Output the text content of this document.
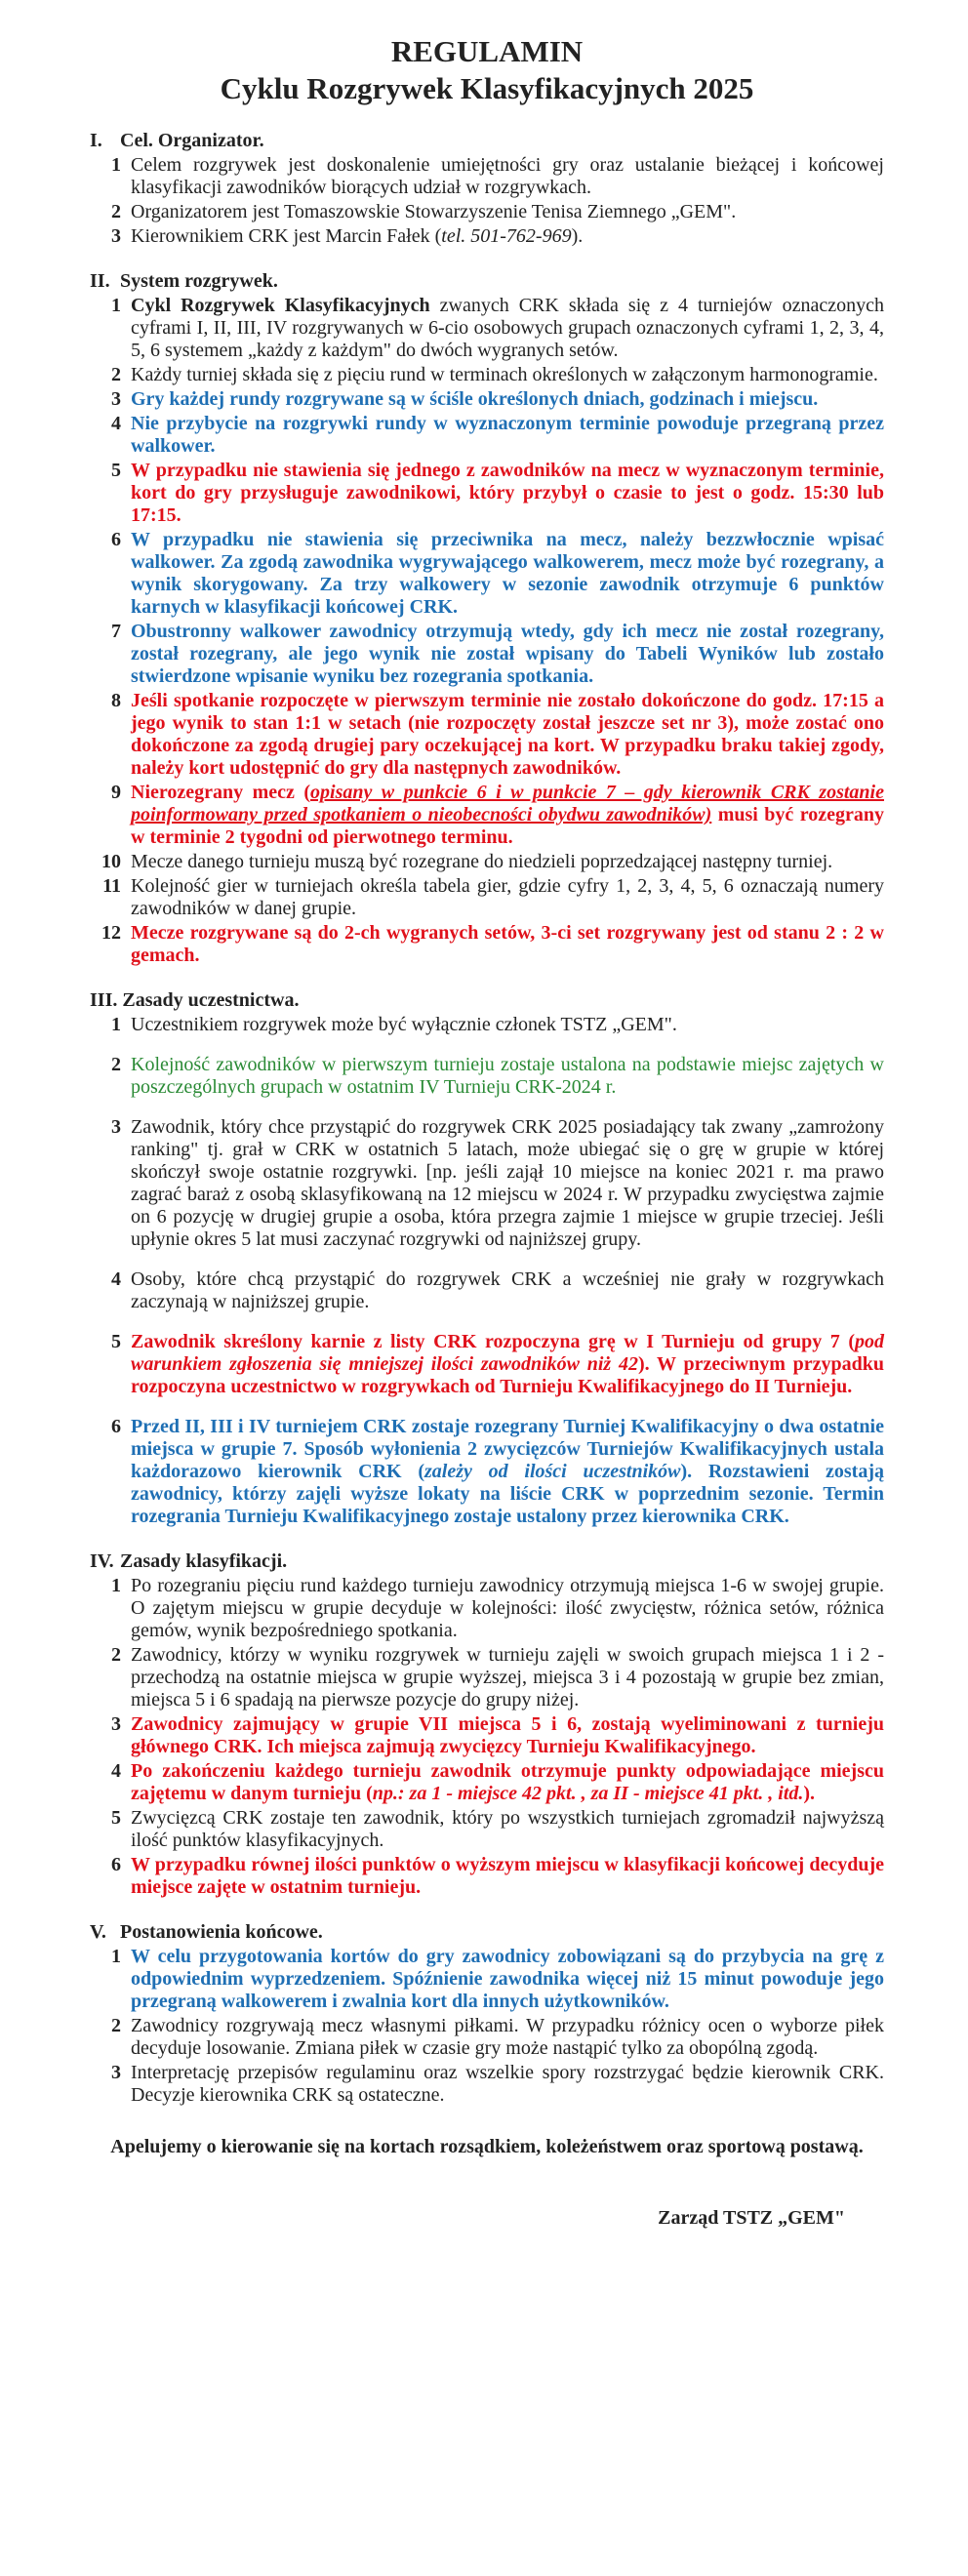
REGULAMIN
Cyklu Rozgrywek Klasyfikacyjnych 2025
I. Cel. Organizator.
1 Celem rozgrywek jest doskonalenie umiejętności gry oraz ustalanie bieżącej i końcowej klasyfikacji zawodników biorących udział w rozgrywkach.
2 Organizatorem jest Tomaszowskie Stowarzyszenie Tenisa Ziemnego „GEM".
3 Kierownikiem CRK jest Marcin Fałek (tel. 501-762-969).
II. System rozgrywek.
1 Cykl Rozgrywek Klasyfikacyjnych zwanych CRK składa się z 4 turniejów oznaczonych cyframi I, II, III, IV rozgrywanych w 6-cio osobowych grupach oznaczonych cyframi 1, 2, 3, 4, 5, 6 systemem „każdy z każdym" do dwóch wygranych setów.
2 Każdy turniej składa się z pięciu rund w terminach określonych w załączonym harmonogramie.
3 Gry każdej rundy rozgrywane są w ściśle określonych dniach, godzinach i miejscu.
4 Nie przybycie na rozgrywki rundy w wyznaczonym terminie powoduje przegraną przez walkower.
5 W przypadku nie stawienia się jednego z zawodników na mecz w wyznaczonym terminie, kort do gry przysługuje zawodnikowi, który przybył o czasie to jest o godz. 15:30 lub 17:15.
6 W przypadku nie stawienia się przeciwnika na mecz, należy bezzwłocznie wpisać walkower. Za zgodą zawodnika wygrywającego walkowerem, mecz może być rozegrany, a wynik skorygowany. Za trzy walkowery w sezonie zawodnik otrzymuje 6 punktów karnych w klasyfikacji końcowej CRK.
7 Obustronny walkower zawodnicy otrzymują wtedy, gdy ich mecz nie został rozegrany, został rozegrany, ale jego wynik nie został wpisany do Tabeli Wyników lub zostało stwierdzone wpisanie wyniku bez rozegrania spotkania.
8 Jeśli spotkanie rozpoczęte w pierwszym terminie nie zostało dokończone do godz. 17:15 a jego wynik to stan 1:1 w setach (nie rozpoczęty został jeszcze set nr 3), może zostać ono dokończone za zgodą drugiej pary oczekującej na kort. W przypadku braku takiej zgody, należy kort udostępnić do gry dla następnych zawodników.
9 Nierozegrany mecz (opisany w punkcie 6 i w punkcie 7 – gdy kierownik CRK zostanie poinformowany przed spotkaniem o nieobecności obydwu zawodników) musi być rozegrany w terminie 2 tygodni od pierwotnego terminu.
10 Mecze danego turnieju muszą być rozegrane do niedzieli poprzedzającej następny turniej.
11 Kolejność gier w turniejach określa tabela gier, gdzie cyfry 1, 2, 3, 4, 5, 6 oznaczają numery zawodników w danej grupie.
12 Mecze rozgrywane są do 2-ch wygranych setów, 3-ci set rozgrywany jest od stanu 2 : 2 w gemach.
III. Zasady uczestnictwa.
1 Uczestnikiem rozgrywek może być wyłącznie członek TSTZ „GEM".
2 Kolejność zawodników w pierwszym turnieju zostaje ustalona na podstawie miejsc zajętych w poszczególnych grupach w ostatnim IV Turnieju CRK-2024 r.
3 Zawodnik, który chce przystąpić do rozgrywek CRK 2025 posiadający tak zwany „zamrożony ranking" tj. grał w CRK w ostatnich 5 latach, może ubiegać się o grę w grupie w której skończył swoje ostatnie rozgrywki. [np. jeśli zajął 10 miejsce na koniec 2021 r. ma prawo zagrać baraż z osobą sklasyfikowaną na 12 miejscu w 2024 r. W przypadku zwycięstwa zajmie on 6 pozycję w drugiej grupie a osoba, która przegra zajmie 1 miejsce w grupie trzeciej. Jeśli upłynie okres 5 lat musi zaczynać rozgrywki od najniższej grupy.
4 Osoby, które chcą przystąpić do rozgrywek CRK a wcześniej nie grały w rozgrywkach zaczynają w najniższej grupie.
5 Zawodnik skreślony karnie z listy CRK rozpoczyna grę w I Turnieju od grupy 7 (pod warunkiem zgłoszenia się mniejszej ilości zawodników niż 42). W przeciwnym przypadku rozpoczyna uczestnictwo w rozgrywkach od Turnieju Kwalifikacyjnego do II Turnieju.
6 Przed II, III i IV turniejem CRK zostaje rozegrany Turniej Kwalifikacyjny o dwa ostatnie miejsca w grupie 7. Sposób wyłonienia 2 zwycięzców Turniejów Kwalifikacyjnych ustala każdorazowo kierownik CRK (zależy od ilości uczestników). Rozstawieni zostają zawodnicy, którzy zajęli wyższe lokaty na liście CRK w poprzednim sezonie. Termin rozegrania Turnieju Kwalifikacyjnego zostaje ustalony przez kierownika CRK.
IV. Zasady klasyfikacji.
1 Po rozegraniu pięciu rund każdego turnieju zawodnicy otrzymują miejsca 1-6 w swojej grupie. O zajętym miejscu w grupie decyduje w kolejności: ilość zwycięstw, różnica setów, różnica gemów, wynik bezpośredniego spotkania.
2 Zawodnicy, którzy w wyniku rozgrywek w turnieju zajęli w swoich grupach miejsca 1 i 2 - przechodzą na ostatnie miejsca w grupie wyższej, miejsca 3 i 4 pozostają w grupie bez zmian, miejsca 5 i 6 spadają na pierwsze pozycje do grupy niżej.
3 Zawodnicy zajmujący w grupie VII miejsca 5 i 6, zostają wyeliminowani z turnieju głównego CRK. Ich miejsca zajmują zwycięzcy Turnieju Kwalifikacyjnego.
4 Po zakończeniu każdego turnieju zawodnik otrzymuje punkty odpowiadające miejscu zajętemu w danym turnieju (np.: za 1 - miejsce 42 pkt. , za II - miejsce 41 pkt. , itd.).
5 Zwycięzcą CRK zostaje ten zawodnik, który po wszystkich turniejach zgromadził najwyższą ilość punktów klasyfikacyjnych.
6 W przypadku równej ilości punktów o wyższym miejscu w klasyfikacji końcowej decyduje miejsce zajęte w ostatnim turnieju.
V. Postanowienia końcowe.
1 W celu przygotowania kortów do gry zawodnicy zobowiązani są do przybycia na grę z odpowiednim wyprzedzeniem. Spóźnienie zawodnika więcej niż 15 minut powoduje jego przegraną walkowerem i zwalnia kort dla innych użytkowników.
2 Zawodnicy rozgrywają mecz własnymi piłkami. W przypadku różnicy ocen o wyborze piłek decyduje losowanie. Zmiana piłek w czasie gry może nastąpić tylko za obopólną zgodą.
3 Interpretację przepisów regulaminu oraz wszelkie spory rozstrzygać będzie kierownik CRK. Decyzje kierownika CRK są ostateczne.
Apelujemy o kierowanie się na kortach rozsądkiem, koleżeństwem oraz sportową postawą.
Zarząd TSTZ „GEM"
